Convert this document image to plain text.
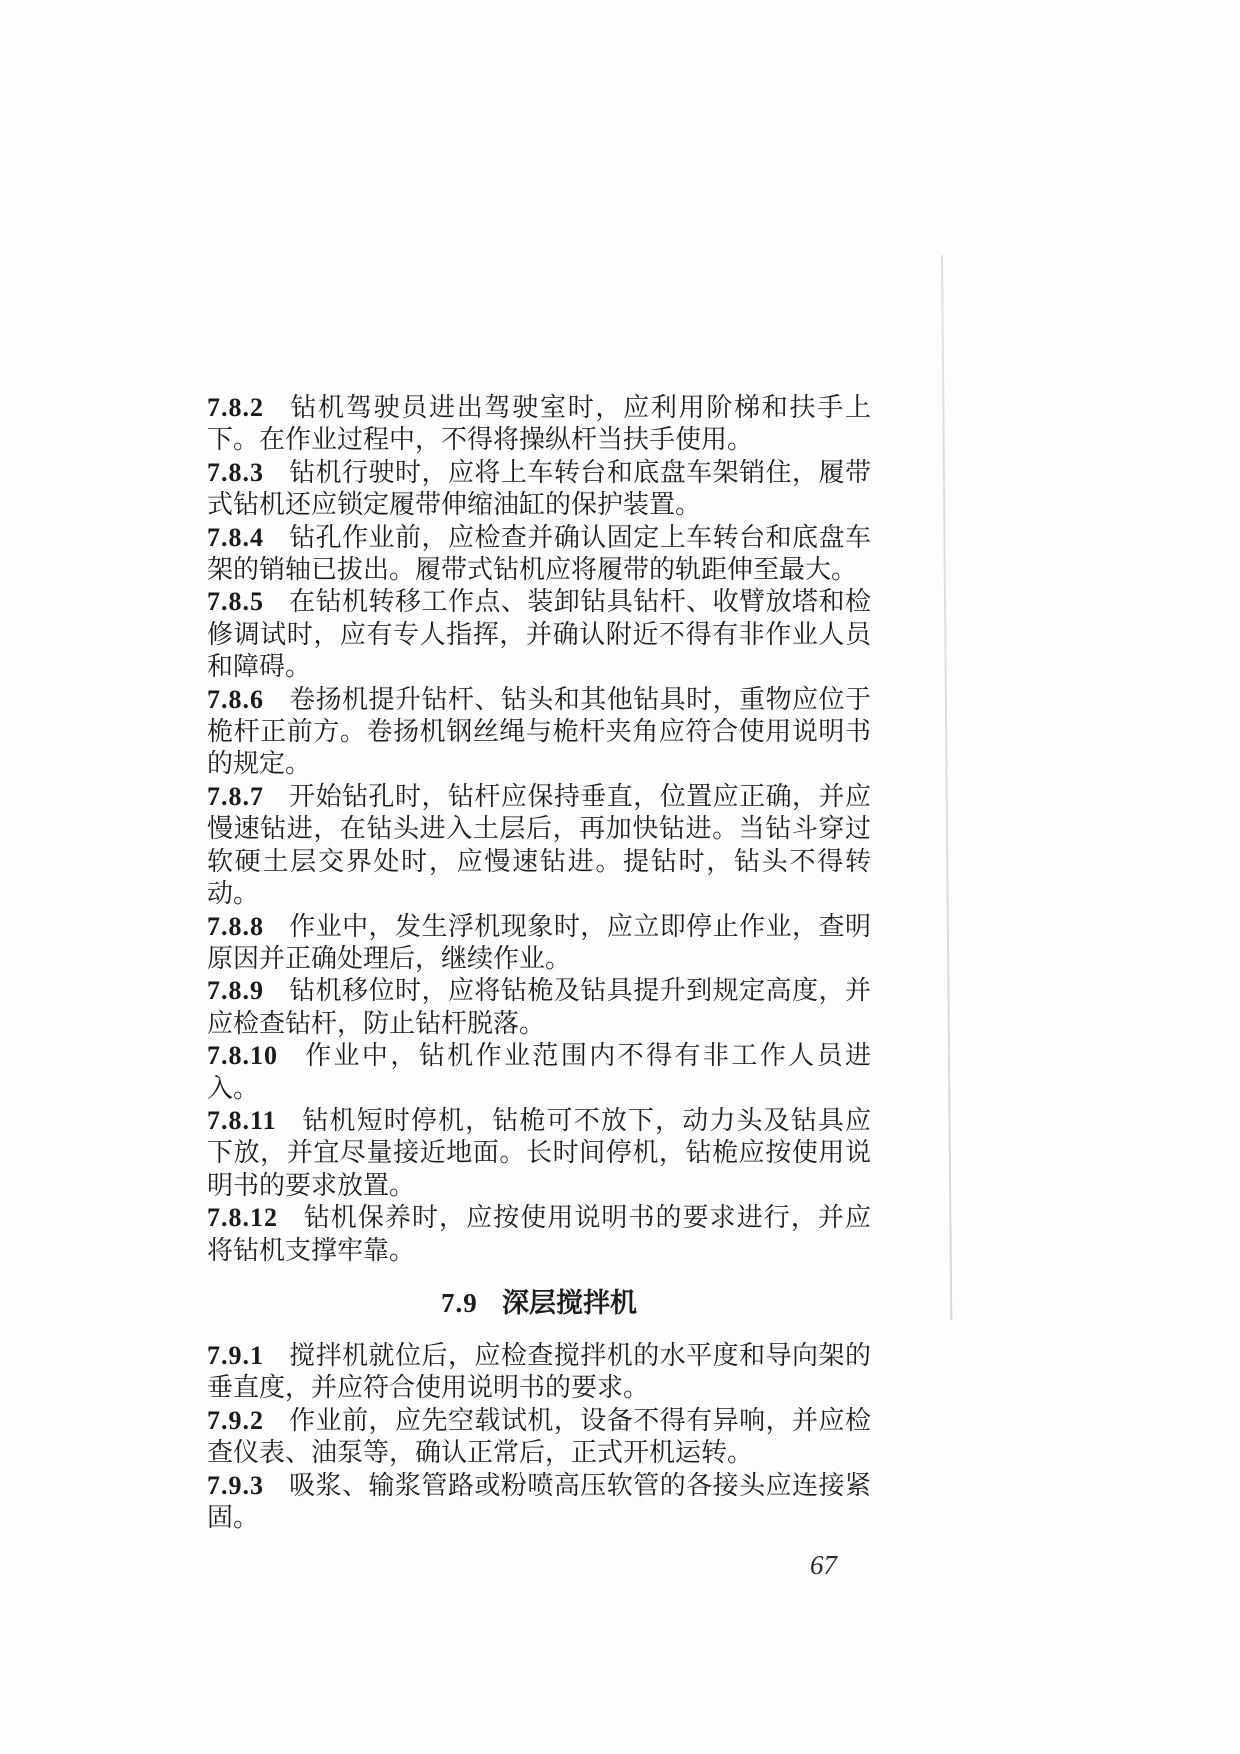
7.8.2 钻机驾驶员进出驾驶室时，应利用阶梯和扶手上下。在作业过程中，不得将操纵杆当扶手使用。

7.8.3 钻机行驶时，应将上车转台和底盘车架销住，履带式钻机还应锁定履带伸缩油缸的保护装置。

7.8.4 钻孔作业前，应检查并确认固定上车转台和底盘车架的销轴已拔出。履带式钻机应将履带的轨距伸至最大。

7.8.5 在钻机转移工作点、装卸钻具钻杆、收臂放塔和检修调试时，应有专人指挥，并确认附近不得有非作业人员和障碍。

7.8.6 卷扬机提升钻杆、钻头和其他钻具时，重物应位于桅杆正前方。卷扬机钢丝绳与桅杆夹角应符合使用说明书的规定。

7.8.7 开始钻孔时，钻杆应保持垂直，位置应正确，并应慢速钻进，在钻头进入土层后，再加快钻进。当钻斗穿过软硬土层交界处时，应慢速钻进。提钻时，钻头不得转动。

7.8.8 作业中，发生浮机现象时，应立即停止作业，查明原因并正确处理后，继续作业。

7.8.9 钻机移位时，应将钻桅及钻具提升到规定高度，并应检查钻杆，防止钻杆脱落。

7.8.10 作业中，钻机作业范围内不得有非工作人员进入。

7.8.11 钻机短时停机，钻桅可不放下，动力头及钻具应下放，并宜尽量接近地面。长时间停机，钻桅应按使用说明书的要求放置。

7.8.12 钻机保养时，应按使用说明书的要求进行，并应将钻机支撑牢靠。

7.9 深层搅拌机

7.9.1 搅拌机就位后，应检查搅拌机的水平度和导向架的垂直度，并应符合使用说明书的要求。

7.9.2 作业前，应先空载试机，设备不得有异响，并应检查仪表、油泵等，确认正常后，正式开机运转。

7.9.3 吸浆、输浆管路或粉喷高压软管的各接头应连接紧固。

67
